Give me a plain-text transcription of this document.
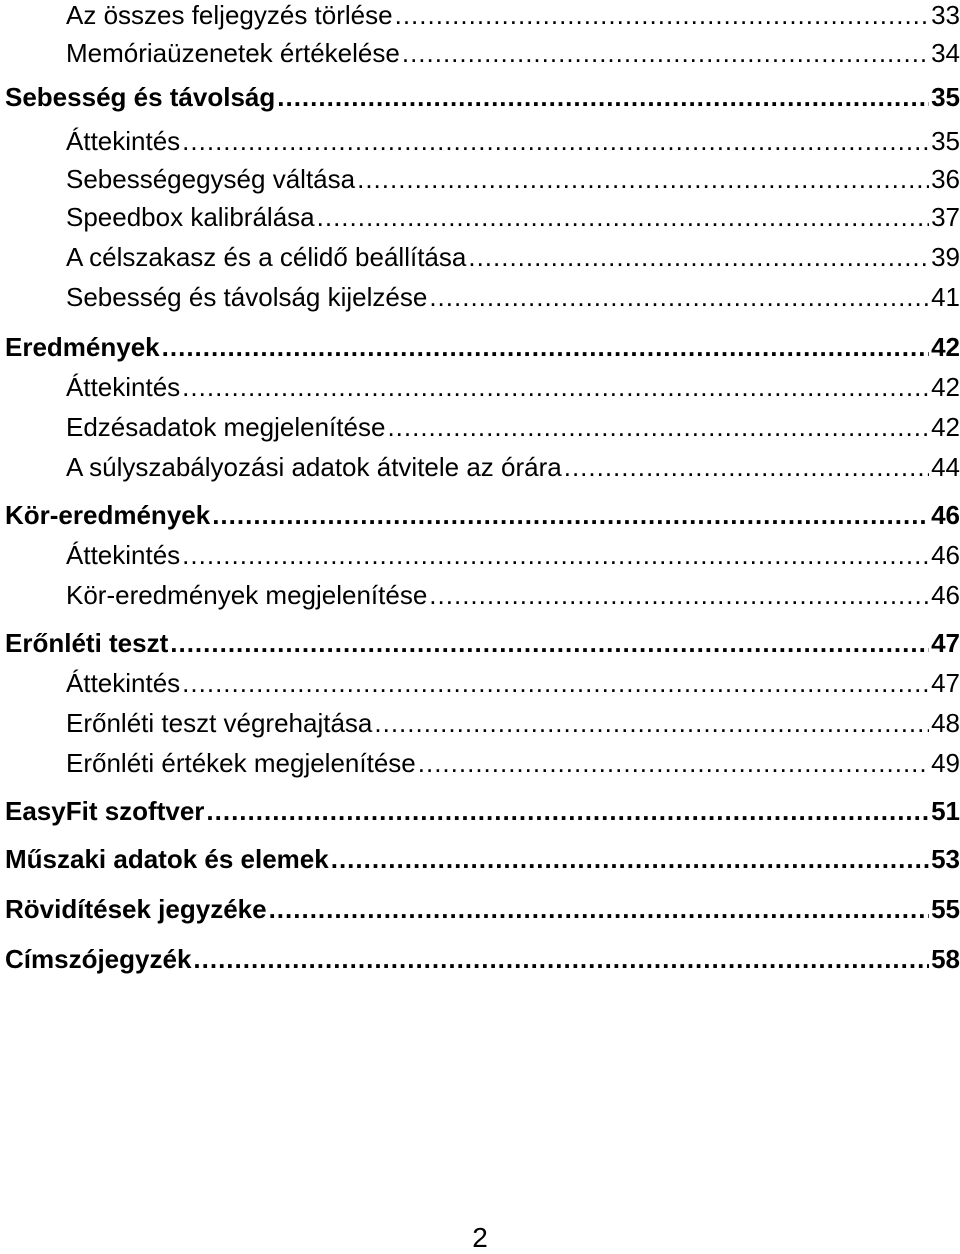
Az összes feljegyzés törlése .....	33
Memóriaüzenetek értékelése .....	34
Sebesség és távolság .....	35
Áttekintés .....	35
Sebességegység váltása .....	36
Speedbox kalibrálása .....	37
A célszakasz és a célidő beállítása .....	39
Sebesség és távolság kijelzése .....	41
Eredmények .....	42
Áttekintés .....	42
Edzésadatok megjelenítése .....	42
A súlyszabályozási adatok átvitele az órára .....	44
Kör-eredmények .....	46
Áttekintés .....	46
Kör-eredmények megjelenítése .....	46
Erőnléti teszt .....	47
Áttekintés .....	47
Erőnléti teszt végrehajtása .....	48
Erőnléti értékek megjelenítése .....	49
EasyFit szoftver .....	51
Műszaki adatok és elemek .....	53
Rövidítések jegyzéke .....	55
Címszójegyzék .....	58
2
